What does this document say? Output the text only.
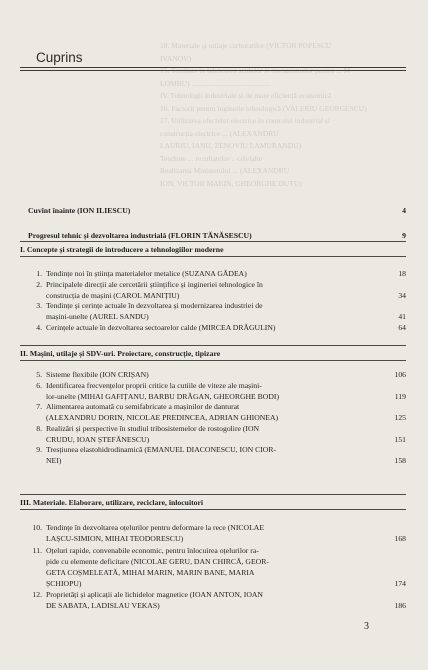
18. Materiale și utilaje carburatilor (VICTOR POPESCU
IVANOV)
15. Tendinte in fabricarea sculelor si mecanismelor pentru ... M
LOMBU) ..........................................
IV. Tehnologii industriale și de mare eficiență economică
16. Factorii pentru inginerie tehnologică (VALERIU GEORGESCU)
17. Utilizarea efectelor electrice în controlul industrial și
construcția electrice ... (ALEXANDRU
LAURIU, IANU, ZENOVIU LAMURANDU)
Tendinte ... rezultatelor .. celelalte
Realizarea Ministerului ... (ALEXANDRU
ION, VICTOR MARIN, GHEORGHE DUTU)
Cuprins
Cuvînt înainte (ION ILIESCU)	4
Progresul tehnic și dezvoltarea industrială (FLORIN TĂNĂSESCU)	9
I. Concepte și strategii de introducere a tehnologiilor moderne
1. Tendințe noi în știința materialelor metalice (SUZANA GĂDEA)	18
2. Principalele direcții ale cercetării științifice și ingineriei tehnologice în
construcția de mașini (CAROL MANIȚIU)	34
3. Tendințe și cerințe actuale în dezvoltarea și modernizarea industriei de
mașini-unelte (AUREL SANDU)	41
4. Cerințele actuale în dezvoltarea sectoarelor calde (MIRCEA DRĂGULIN)	64
II. Mașini, utilaje și SDV-uri. Proiectare, construcție, tipizare
5. Sisteme flexibile (ION CRIȘAN)	106
6. Identificarea frecvențelor proprii critice la cutiile de viteze ale mașini-
lor-unelte (MIHAI GAFIȚANU, BARBU DRĂGAN, GHEORGHE BODI)	119
7. Alimentarea automată cu semifabricate a mașinilor de danturat
(ALEXANDRU DORIN, NICOLAE PREDINCEA, ADRIAN GHIONEA)	125
8. Realizări și perspective în studiul tribosistemelor de rostogolire (ION
CRUDU, IOAN ȘTEFĂNESCU)	151
9. Tresțiunea elastohidrodinamică (EMANUEL DIACONESCU, ION CIOR-
NEI)	158
III. Materiale. Elaborare, utilizare, reciclare, înlocuitori
10. Tendințe în dezvoltarea oțelurilor pentru deformare la rece (NICOLAE
LAȘCU-SIMION, MIHAI TEODORESCU)	168
11. Oțeluri rapide, convenabile economic, pentru înlocuirea oțelurilor ra-
pide cu elemente deficitare (NICOLAE GERU, DAN CHIRCĂ, GEOR-
GETA COȘMELEATĂ, MIHAI MARIN, MARIN BANE, MARIA
ȘCHIOPU)	174
12. Proprietăți și aplicații ale lichidelor magnetice (IOAN ANTON, IOAN
DE SABATA, LADISLAU VEKAS)	186
3
